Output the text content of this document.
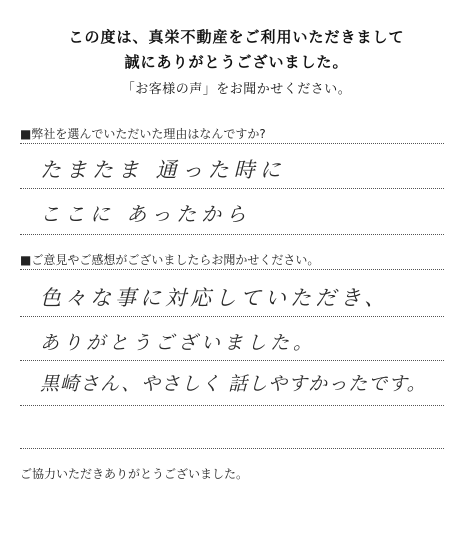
この度は、真栄不動産をご利用いただきまして
誠にありがとうございました。
「お客様の声」をお聞かせください。
■弊社を選んでいただいた理由はなんですか?
たまたま 通った時に
ここに あったから
■ご意見やご感想がございましたらお聞かせください。
色々な事に対応していただき、
ありがとうございました。
黒崎さん、やさしく 話しやすかったです。
ご協力いただきありがとうございました。
